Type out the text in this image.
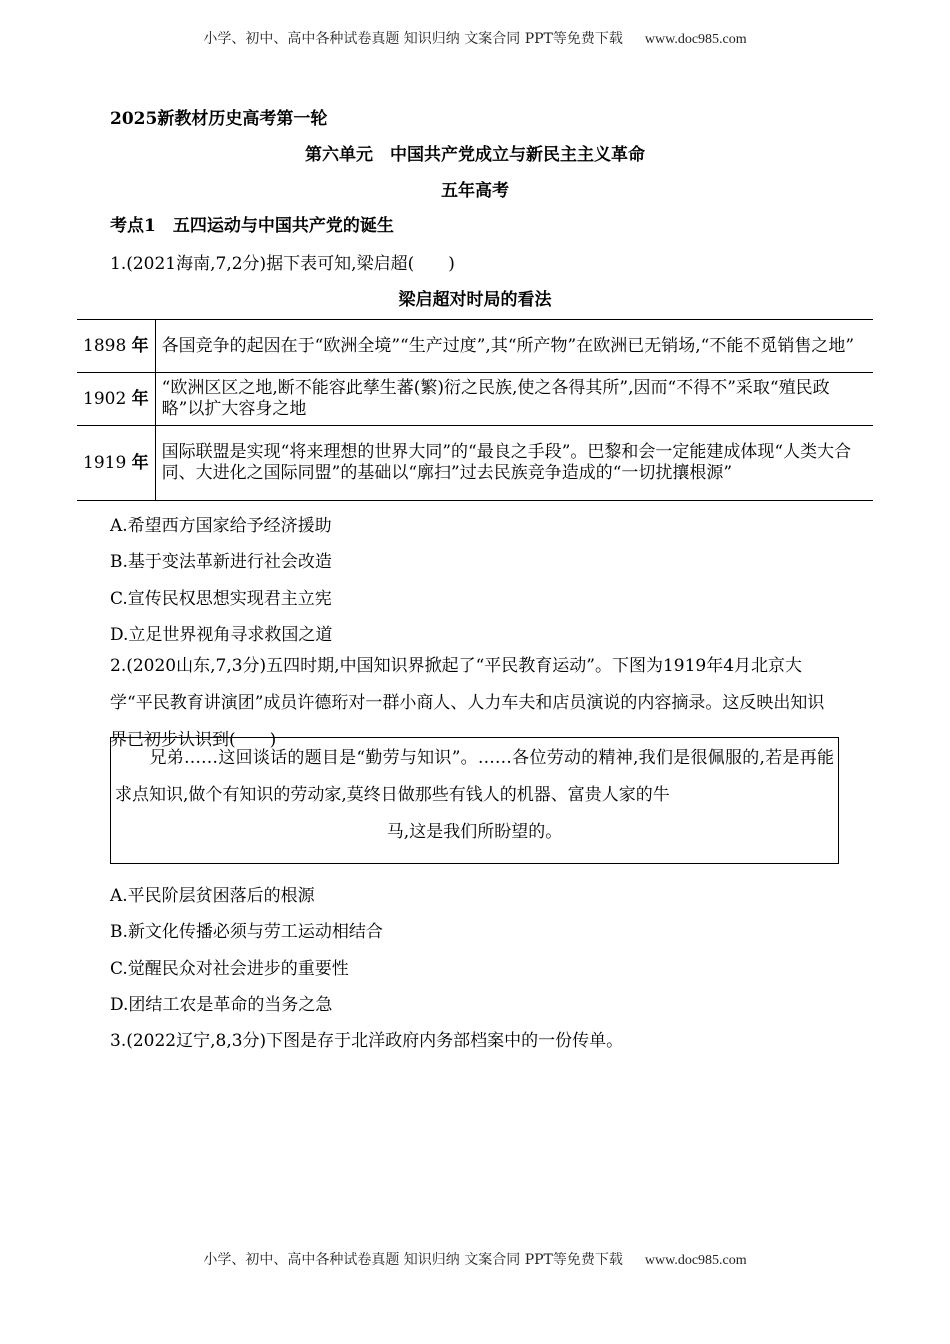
小学、初中、高中各种试卷真题 知识归纳 文案合同 PPT等免费下载 www.doc985.com
2025新教材历史高考第一轮
第六单元　中国共产党成立与新民主主义革命
五年高考
考点1　五四运动与中国共产党的诞生
1.(2021海南,7,2分)据下表可知,梁启超(　　)
梁启超对时局的看法
1898 年	各国竞争的起因在于“欧洲全境”“生产过度”,其“所产物”在欧洲已无销场,“不能不觅销售之地”
1902 年	“欧洲区区之地,断不能容此孳生蕃(繁)衍之民族,使之各得其所”,因而“不得不”采取“殖民政略”以扩大容身之地
1919 年	国际联盟是实现“将来理想的世界大同”的“最良之手段”。巴黎和会一定能建成体现“人类大合同、大进化之国际同盟”的基础以“廓扫”过去民族竞争造成的“一切扰攘根源”
A.希望西方国家给予经济援助
B.基于变法革新进行社会改造
C.宣传民权思想实现君主立宪
D.立足世界视角寻求救国之道
2.(2020山东,7,3分)五四时期,中国知识界掀起了“平民教育运动”。下图为1919年4月北京大学“平民教育讲演团”成员许德珩对一群小商人、人力车夫和店员演说的内容摘录。这反映出知识界已初步认识到(　　)
　　兄弟……这回谈话的题目是“勤劳与知识”。……各位劳动的精神,我们是很佩服的,若是再能求点知识,做个有知识的劳动家,莫终日做那些有钱人的机器、富贵人家的牛
马,这是我们所盼望的。
A.平民阶层贫困落后的根源
B.新文化传播必须与劳工运动相结合
C.觉醒民众对社会进步的重要性
D.团结工农是革命的当务之急
3.(2022辽宁,8,3分)下图是存于北洋政府内务部档案中的一份传单。
小学、初中、高中各种试卷真题 知识归纳 文案合同 PPT等免费下载 www.doc985.com
